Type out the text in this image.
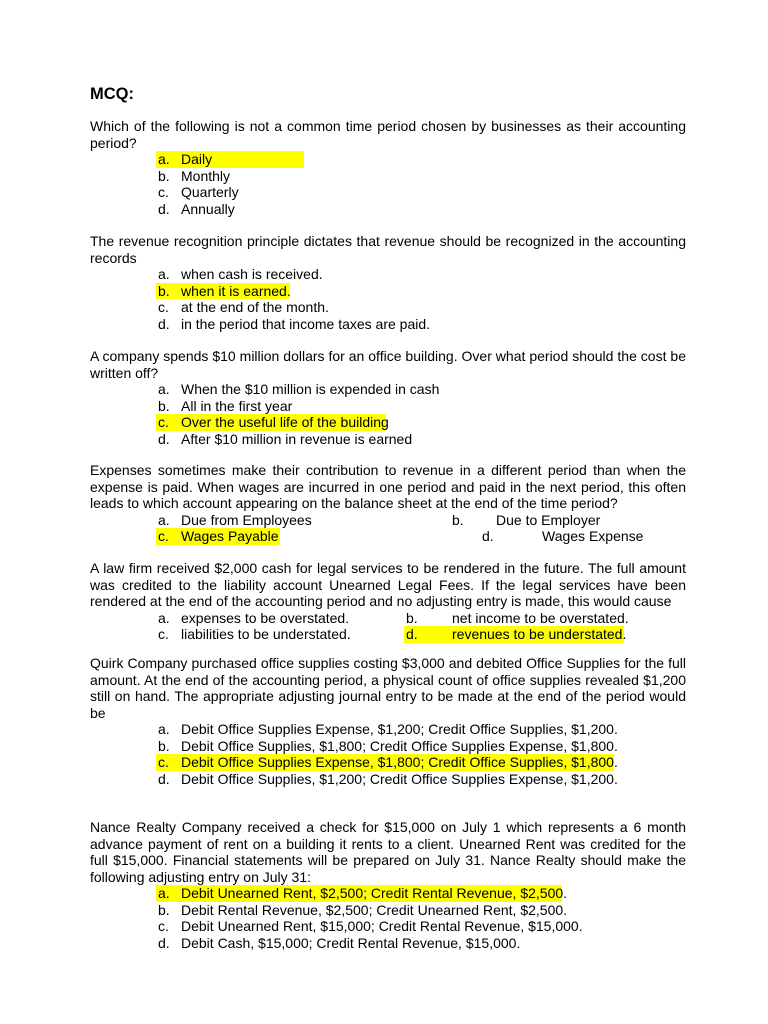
MCQ:
Which of the following is not a common time period chosen by businesses as their accounting period?
a. Daily
b. Monthly
c. Quarterly
d. Annually
The revenue recognition principle dictates that revenue should be recognized in the accounting records
a. when cash is received.
b. when it is earned.
c. at the end of the month.
d. in the period that income taxes are paid.
A company spends $10 million dollars for an office building. Over what period should the cost be written off?
a. When the $10 million is expended in cash
b. All in the first year
c. Over the useful life of the building
d. After $10 million in revenue is earned
Expenses sometimes make their contribution to revenue in a different period than when the expense is paid. When wages are incurred in one period and paid in the next period, this often leads to which account appearing on the balance sheet at the end of the time period?
a. Due from Employees	b. Due to Employer
c. Wages Payable	d.	Wages Expense
A law firm received $2,000 cash for legal services to be rendered in the future. The full amount was credited to the liability account Unearned Legal Fees. If the legal services have been rendered at the end of the accounting period and no adjusting entry is made, this would cause
a. expenses to be overstated.	b. net income to be overstated.
c. liabilities to be understated.	d. revenues to be understated.
Quirk Company purchased office supplies costing $3,000 and debited Office Supplies for the full amount. At the end of the accounting period, a physical count of office supplies revealed $1,200 still on hand. The appropriate adjusting journal entry to be made at the end of the period would be
a. Debit Office Supplies Expense, $1,200; Credit Office Supplies, $1,200.
b. Debit Office Supplies, $1,800; Credit Office Supplies Expense, $1,800.
c. Debit Office Supplies Expense, $1,800; Credit Office Supplies, $1,800.
d. Debit Office Supplies, $1,200; Credit Office Supplies Expense, $1,200.
Nance Realty Company received a check for $15,000 on July 1 which represents a 6 month advance payment of rent on a building it rents to a client. Unearned Rent was credited for the full $15,000. Financial statements will be prepared on July 31. Nance Realty should make the following adjusting entry on July 31:
a. Debit Unearned Rent, $2,500; Credit Rental Revenue, $2,500.
b. Debit Rental Revenue, $2,500; Credit Unearned Rent, $2,500.
c. Debit Unearned Rent, $15,000; Credit Rental Revenue, $15,000.
d. Debit Cash, $15,000; Credit Rental Revenue, $15,000.
